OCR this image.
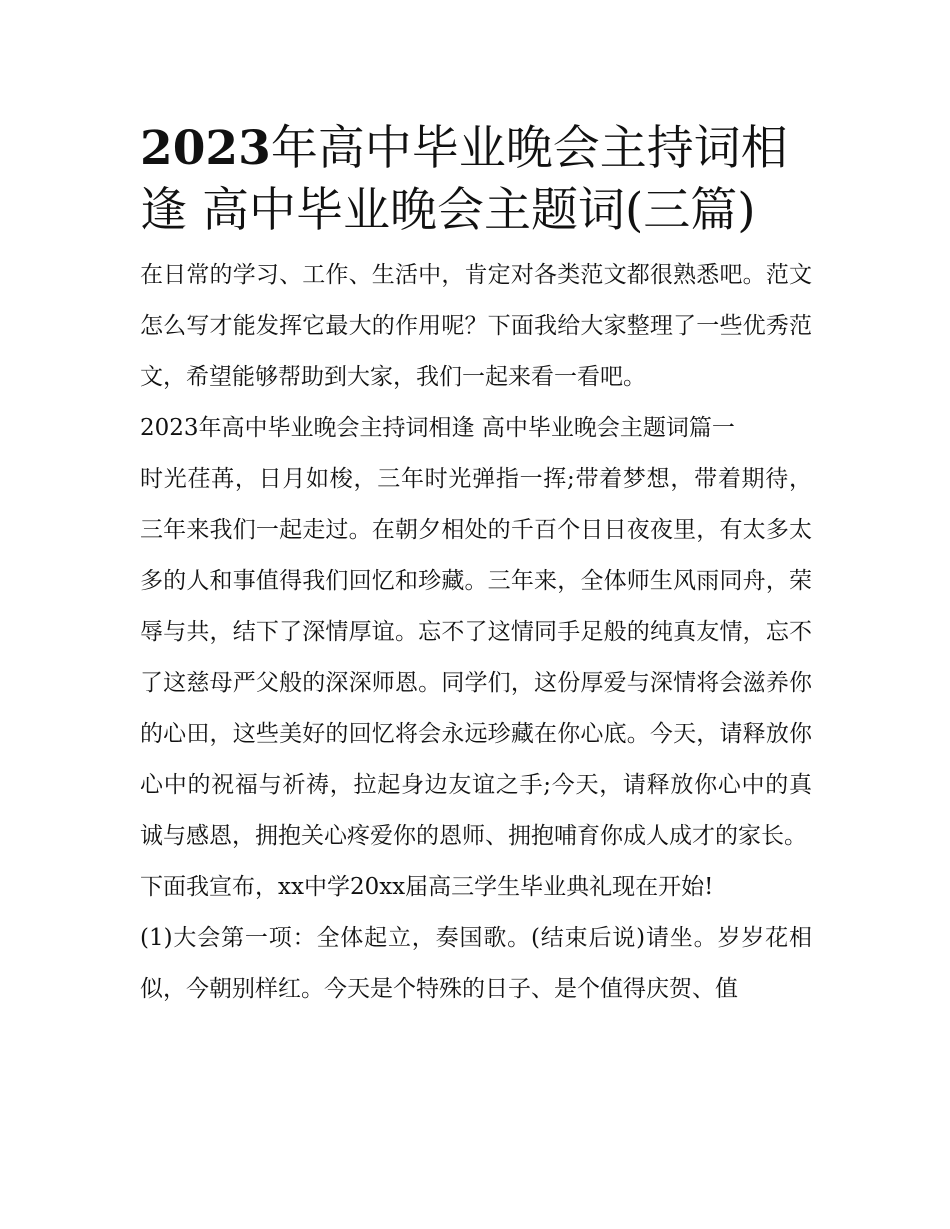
2023年高中毕业晚会主持词相逢 高中毕业晚会主题词(三篇)

在日常的学习、工作、生活中，肯定对各类范文都很熟悉吧。范文怎么写才能发挥它最大的作用呢？下面我给大家整理了一些优秀范文，希望能够帮助到大家，我们一起来看一看吧。

2023年高中毕业晚会主持词相逢 高中毕业晚会主题词篇一

时光荏苒，日月如梭，三年时光弹指一挥;带着梦想，带着期待，三年来我们一起走过。在朝夕相处的千百个日日夜夜里，有太多太多的人和事值得我们回忆和珍藏。三年来，全体师生风雨同舟，荣辱与共，结下了深情厚谊。忘不了这情同手足般的纯真友情，忘不了这慈母严父般的深深师恩。同学们，这份厚爱与深情将会滋养你的心田，这些美好的回忆将会永远珍藏在你心底。今天，请释放你心中的祝福与祈祷，拉起身边友谊之手;今天，请释放你心中的真诚与感恩，拥抱关心疼爱你的恩师、拥抱哺育你成人成才的家长。

下面我宣布，xx中学20xx届高三学生毕业典礼现在开始!

(1)大会第一项：全体起立，奏国歌。(结束后说)请坐。岁岁花相似，今朝别样红。今天是个特殊的日子、是个值得庆贺、值
